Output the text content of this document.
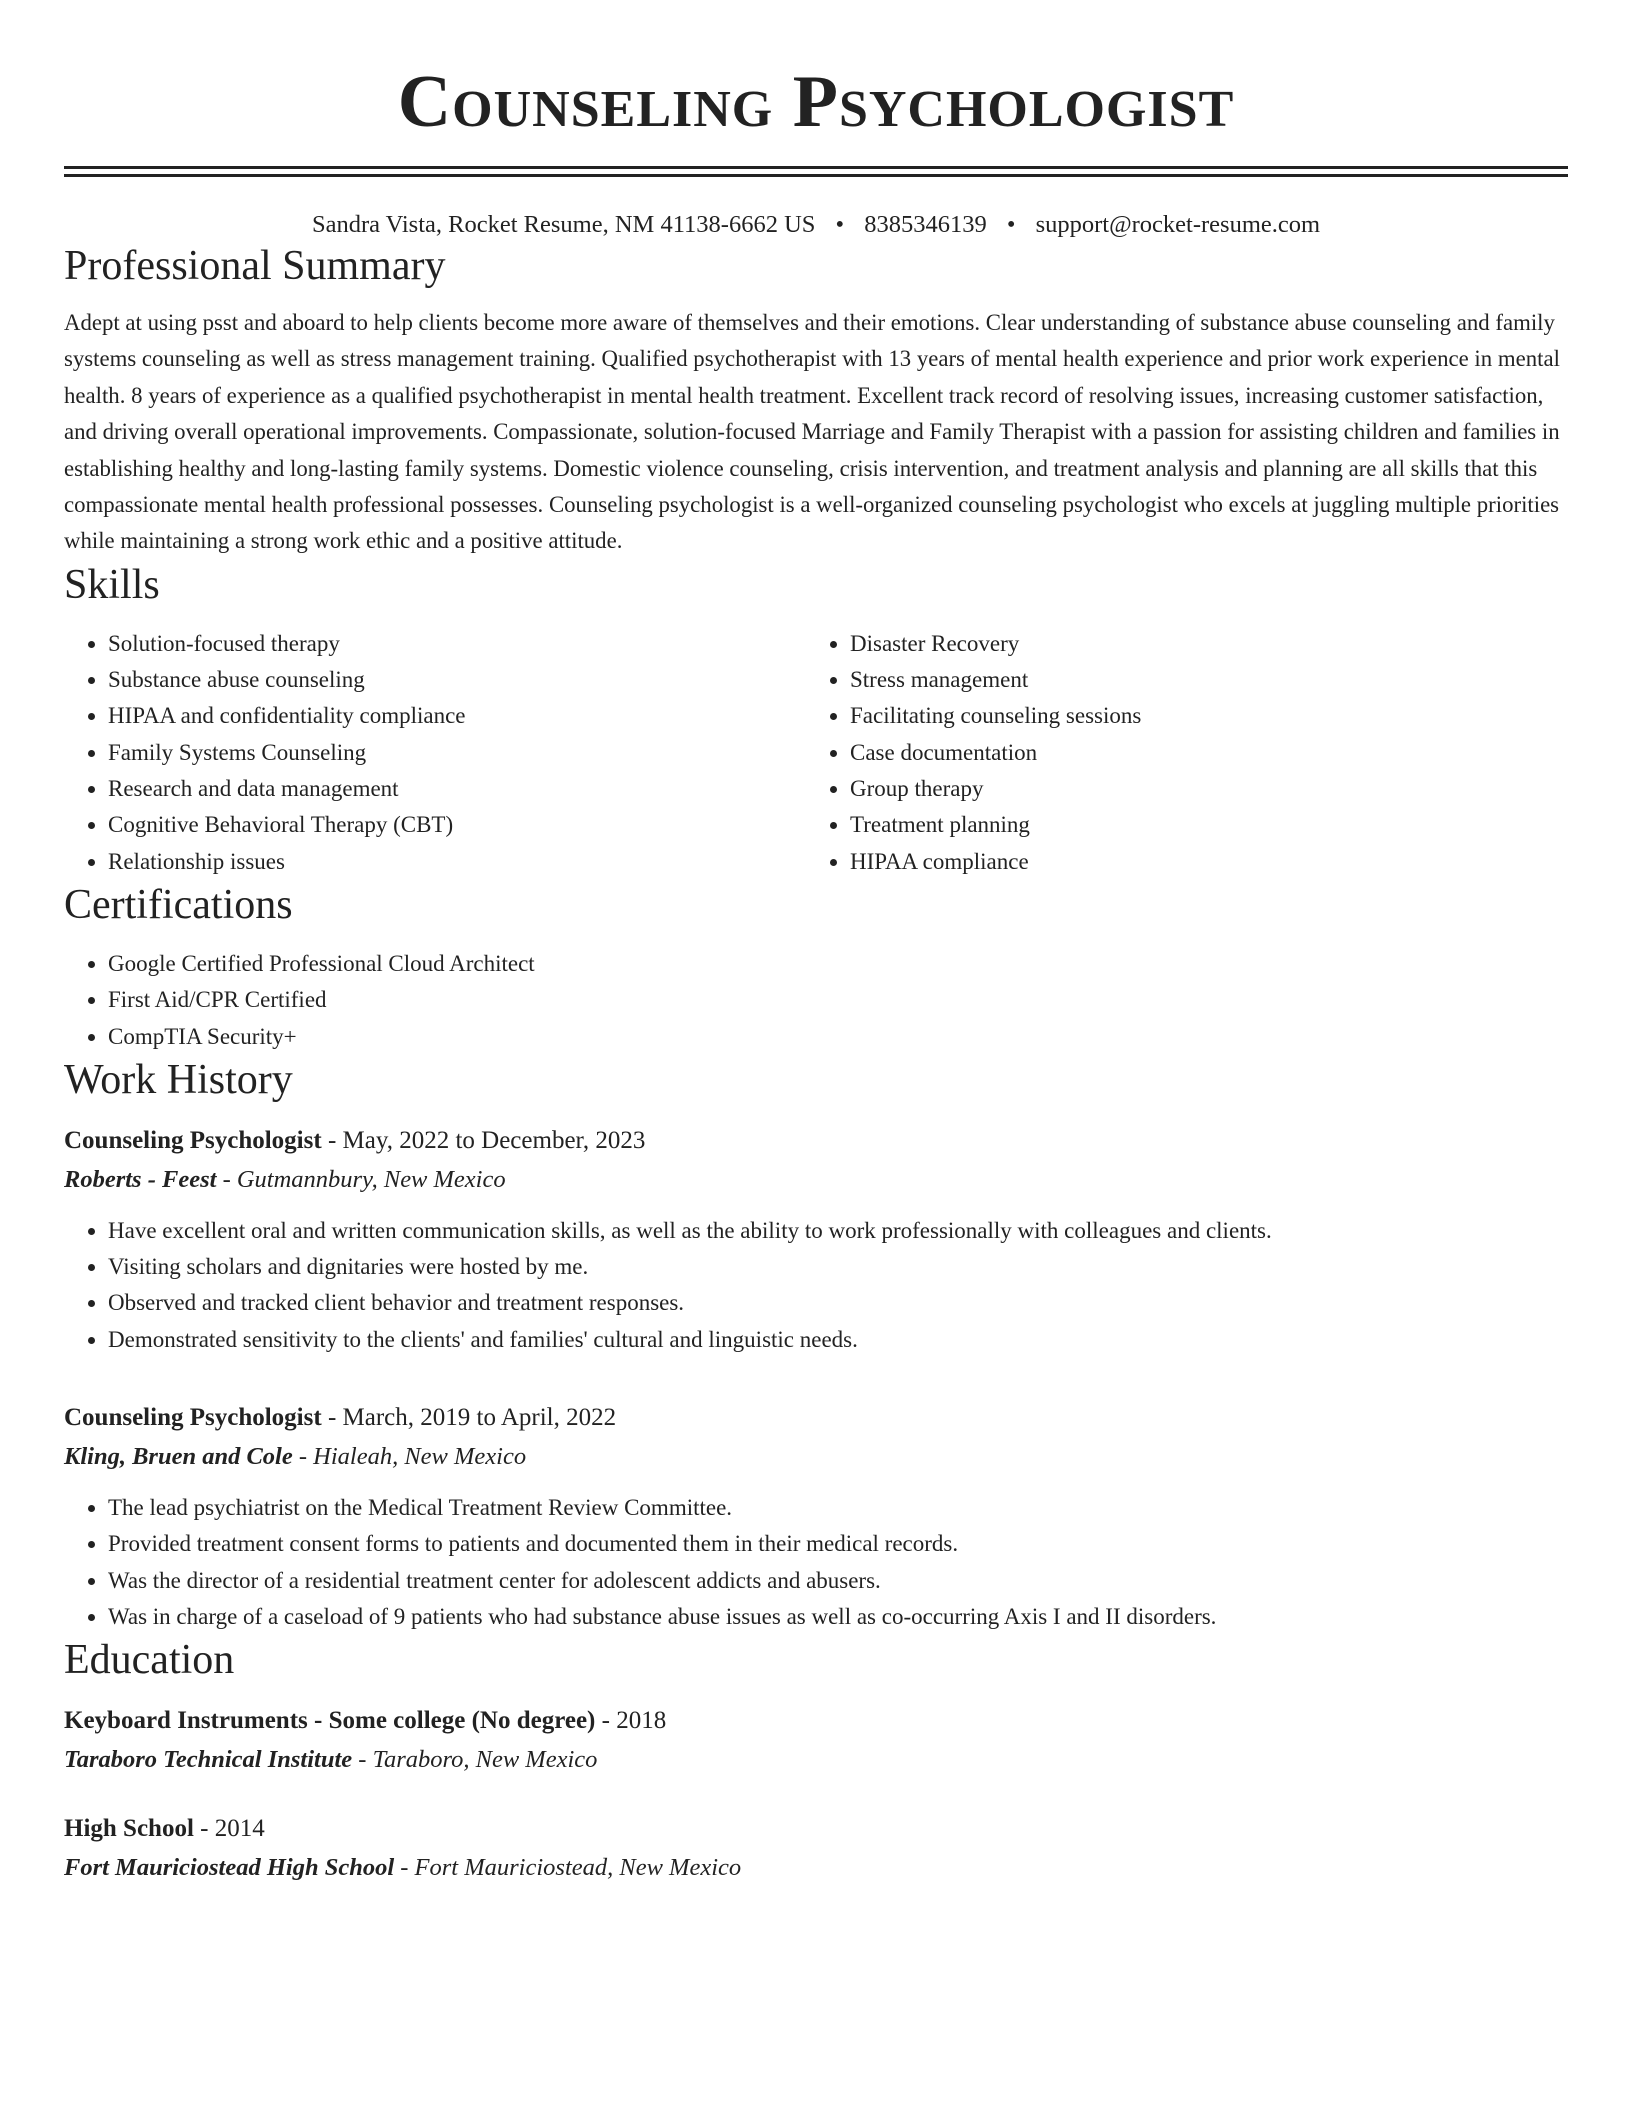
Counseling Psychologist
Sandra Vista, Rocket Resume, NM 41138-6662 US • 8385346139 • support@rocket-resume.com
Professional Summary

Adept at using psst and aboard to help clients become more aware of themselves and their emotions. Clear understanding of substance abuse counseling and family systems counseling as well as stress management training. Qualified psychotherapist with 13 years of mental health experience and prior work experience in mental health. 8 years of experience as a qualified psychotherapist in mental health treatment. Excellent track record of resolving issues, increasing customer satisfaction, and driving overall operational improvements. Compassionate, solution-focused Marriage and Family Therapist with a passion for assisting children and families in establishing healthy and long-lasting family systems. Domestic violence counseling, crisis intervention, and treatment analysis and planning are all skills that this compassionate mental health professional possesses. Counseling psychologist is a well-organized counseling psychologist who excels at juggling multiple priorities while maintaining a strong work ethic and a positive attitude.

Skills
• Solution-focused therapy
• Substance abuse counseling
• HIPAA and confidentiality compliance
• Family Systems Counseling
• Research and data management
• Cognitive Behavioral Therapy (CBT)
• Relationship issues
• Disaster Recovery
• Stress management
• Facilitating counseling sessions
• Case documentation
• Group therapy
• Treatment planning
• HIPAA compliance
Certifications
• Google Certified Professional Cloud Architect
• First Aid/CPR Certified
• CompTIA Security+
Work History
Counseling Psychologist - May, 2022 to December, 2023
Roberts - Feest - Gutmannbury, New Mexico
• Have excellent oral and written communication skills, as well as the ability to work professionally with colleagues and clients.
• Visiting scholars and dignitaries were hosted by me.
• Observed and tracked client behavior and treatment responses.
• Demonstrated sensitivity to the clients' and families' cultural and linguistic needs.
Counseling Psychologist - March, 2019 to April, 2022
Kling, Bruen and Cole - Hialeah, New Mexico
• The lead psychiatrist on the Medical Treatment Review Committee.
• Provided treatment consent forms to patients and documented them in their medical records.
• Was the director of a residential treatment center for adolescent addicts and abusers.
• Was in charge of a caseload of 9 patients who had substance abuse issues as well as co-occurring Axis I and II disorders.
Education
Keyboard Instruments - Some college (No degree) - 2018
Taraboro Technical Institute - Taraboro, New Mexico
High School - 2014
Fort Mauriciostead High School - Fort Mauriciostead, New Mexico
